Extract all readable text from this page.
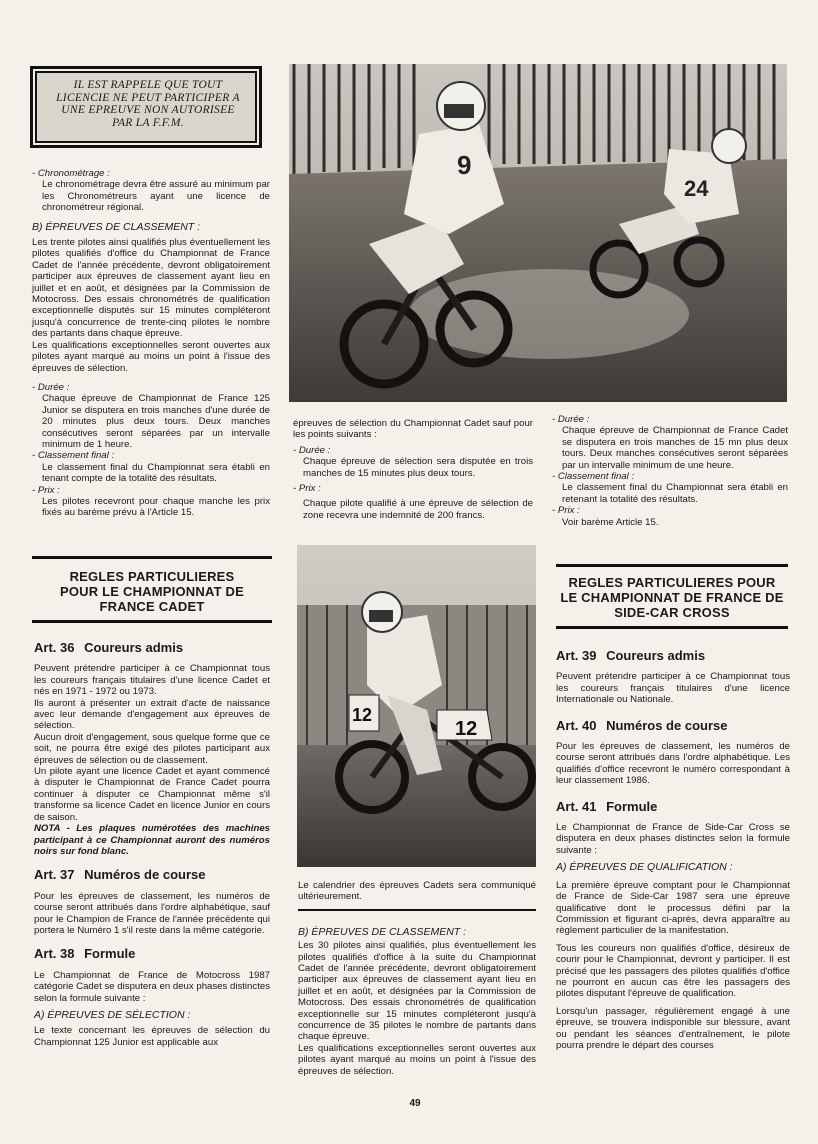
IL EST RAPPELE QUE TOUT LICENCIE NE PEUT PARTICIPER A UNE EPREUVE NON AUTORISEE PAR LA F.F.M.

9
24
12
12
- Chronométrage :
Le chronométrage devra être assuré au minimum par les Chronométreurs ayant une licence de chronométreur régional.
B) ÉPREUVES DE CLASSEMENT :
Les trente pilotes ainsi qualifiés plus éventuellement les pilotes qualifiés d'office du Championnat de France Cadet de l'année précédente, devront obligatoirement participer aux épreuves de classement ayant lieu en juillet et en août, et désignées par la Commission de Motocross. Des essais chronométrés de qualification exceptionnelle disputés sur 15 minutes compléteront jusqu'à concurrence de trente-cinq pilotes le nombre des partants dans chaque épreuve.
Les qualifications exceptionnelles seront ouvertes aux pilotes ayant marqué au moins un point à l'issue des épreuves de sélection.
- Durée :
Chaque épreuve de Championnat de France 125 Junior se disputera en trois manches d'une durée de 20 minutes plus deux tours. Deux manches consécutives seront séparées par un intervalle minimum de 1 heure.
- Classement final :
Le classement final du Championnat sera établi en tenant compte de la totalité des résultats.
- Prix :
Les pilotes recevront pour chaque manche les prix fixés au barème prévu à l'Article 15.
REGLES PARTICULIERES POUR LE CHAMPIONNAT DE FRANCE CADET
Art. 36 Coureurs admis
Peuvent prétendre participer à ce Championnat tous les coureurs français titulaires d'une licence Cadet et nés en 1971 - 1972 ou 1973.
Ils auront à présenter un extrait d'acte de naissance avec leur demande d'engagement aux épreuves de sélection.
Aucun droit d'engagement, sous quelque forme que ce soit, ne pourra être exigé des pilotes participant aux épreuves de sélection ou de classement.
Un pilote ayant une licence Cadet et ayant commencé à disputer le Championnat de France Cadet pourra continuer à disputer ce Championnat même s'il transforme sa licence Cadet en licence Junior en cours de saison.
NOTA - Les plaques numérotées des machines participant à ce Championnat auront des numéros noirs sur fond blanc.
Art. 37 Numéros de course
Pour les épreuves de classement, les numéros de course seront attribués dans l'ordre alphabétique, sauf pour le Champion de France de l'année précédente qui portera le Numéro 1 s'il reste dans la même catégorie.
Art. 38 Formule
Le Championnat de France de Motocross 1987 catégorie Cadet se disputera en deux phases distinctes selon la formule suivante :
A) ÉPREUVES DE SÉLECTION :
Le texte concernant les épreuves de sélection du Championnat 125 Junior est applicable aux
épreuves de sélection du Championnat Cadet sauf pour les points suivants :
- Durée :
Chaque épreuve de sélection sera disputée en trois manches de 15 minutes plus deux tours.
- Prix :
Chaque pilote qualifié à une épreuve de sélection de zone recevra une indemnité de 200 francs.
Le calendrier des épreuves Cadets sera communiqué ultérieurement.
B) ÉPREUVES DE CLASSEMENT :
Les 30 pilotes ainsi qualifiés, plus éventuellement les pilotes qualifiés d'office à la suite du Championnat Cadet de l'année précédente, devront obligatoirement participer aux épreuves de classement ayant lieu en juillet et en août, et désignées par la Commission de Motocross. Des essais chronométrés de qualification exceptionnelle sur 15 minutes compléteront jusqu'à concurrence de 35 pilotes le nombre de partants dans chaque épreuve.
Les qualifications exceptionnelles seront ouvertes aux pilotes ayant marqué au moins un point à l'issue des épreuves de sélection.
- Durée :
Chaque épreuve de Championnat de France Cadet se disputera en trois manches de 15 mn plus deux tours. Deux manches consécutives seront séparées par un intervalle minimum de une heure.
- Classement final :
Le classement final du Championnat sera établi en retenant la totalité des résultats.
- Prix :
Voir barème Article 15.
REGLES PARTICULIERES POUR LE CHAMPIONNAT DE FRANCE DE SIDE-CAR CROSS
Art. 39 Coureurs admis
Peuvent prétendre participer à ce Championnat tous les coureurs français titulaires d'une licence Internationale ou Nationale.
Art. 40 Numéros de course
Pour les épreuves de classement, les numéros de course seront attribués dans l'ordre alphabétique. Les qualifiés d'office recevront le numéro correspondant à leur classement 1986.
Art. 41 Formule
Le Championnat de France de Side-Car Cross se disputera en deux phases distinctes selon la formule suivante :
A) ÉPREUVES DE QUALIFICATION :
La première épreuve comptant pour le Championnat de France de Side-Car 1987 sera une épreuve qualificative dont le processus défini par la Commission et figurant ci-après, devra apparaître au règlement particulier de la manifestation.
Tous les coureurs non qualifiés d'office, désireux de courir pour le Championnat, devront y participer. Il est précisé que les passagers des pilotes qualifiés d'office ne pourront en aucun cas être les passagers des pilotes disputant l'épreuve de qualification.
Lorsqu'un passager, régulièrement engagé à une épreuve, se trouvera indisponible sur blessure, avant ou pendant les séances d'entraînement, le pilote pourra prendre le départ des courses
49
